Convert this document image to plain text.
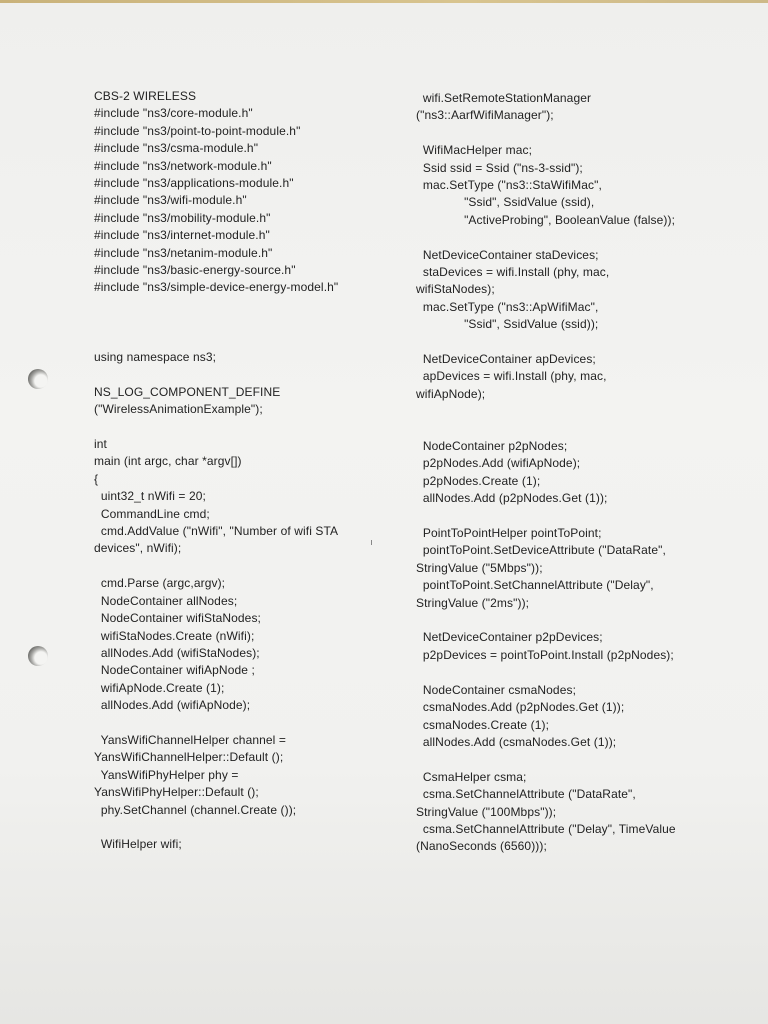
CBS-2 WIRELESS
#include "ns3/core-module.h"
#include "ns3/point-to-point-module.h"
#include "ns3/csma-module.h"
#include "ns3/network-module.h"
#include "ns3/applications-module.h"
#include "ns3/wifi-module.h"
#include "ns3/mobility-module.h"
#include "ns3/internet-module.h"
#include "ns3/netanim-module.h"
#include "ns3/basic-energy-source.h"
#include "ns3/simple-device-energy-model.h"
using namespace ns3;
NS_LOG_COMPONENT_DEFINE
("WirelessAnimationExample");
int
main (int argc, char *argv[])
{
uint32_t nWifi = 20;
CommandLine cmd;
cmd.AddValue ("nWifi", "Number of wifi STA
devices", nWifi);
cmd.Parse (argc,argv);
NodeContainer allNodes;
NodeContainer wifiStaNodes;
wifiStaNodes.Create (nWifi);
allNodes.Add (wifiStaNodes);
NodeContainer wifiApNode ;
wifiApNode.Create (1);
allNodes.Add (wifiApNode);
YansWifiChannelHelper channel =
YansWifiChannelHelper::Default ();
YansWifiPhyHelper phy =
YansWifiPhyHelper::Default ();
phy.SetChannel (channel.Create ());
WifiHelper wifi;
wifi.SetRemoteStationManager
("ns3::AarfWifiManager");
WifiMacHelper mac;
Ssid ssid = Ssid ("ns-3-ssid");
mac.SetType ("ns3::StaWifiMac",
"Ssid", SsidValue (ssid),
"ActiveProbing", BooleanValue (false));
NetDeviceContainer staDevices;
staDevices = wifi.Install (phy, mac,
wifiStaNodes);
mac.SetType ("ns3::ApWifiMac",
"Ssid", SsidValue (ssid));
NetDeviceContainer apDevices;
apDevices = wifi.Install (phy, mac,
wifiApNode);
NodeContainer p2pNodes;
p2pNodes.Add (wifiApNode);
p2pNodes.Create (1);
allNodes.Add (p2pNodes.Get (1));
PointToPointHelper pointToPoint;
pointToPoint.SetDeviceAttribute ("DataRate",
StringValue ("5Mbps"));
pointToPoint.SetChannelAttribute ("Delay",
StringValue ("2ms"));
NetDeviceContainer p2pDevices;
p2pDevices = pointToPoint.Install (p2pNodes);
NodeContainer csmaNodes;
csmaNodes.Add (p2pNodes.Get (1));
csmaNodes.Create (1);
allNodes.Add (csmaNodes.Get (1));
CsmaHelper csma;
csma.SetChannelAttribute ("DataRate",
StringValue ("100Mbps"));
csma.SetChannelAttribute ("Delay", TimeValue
(NanoSeconds (6560)));
